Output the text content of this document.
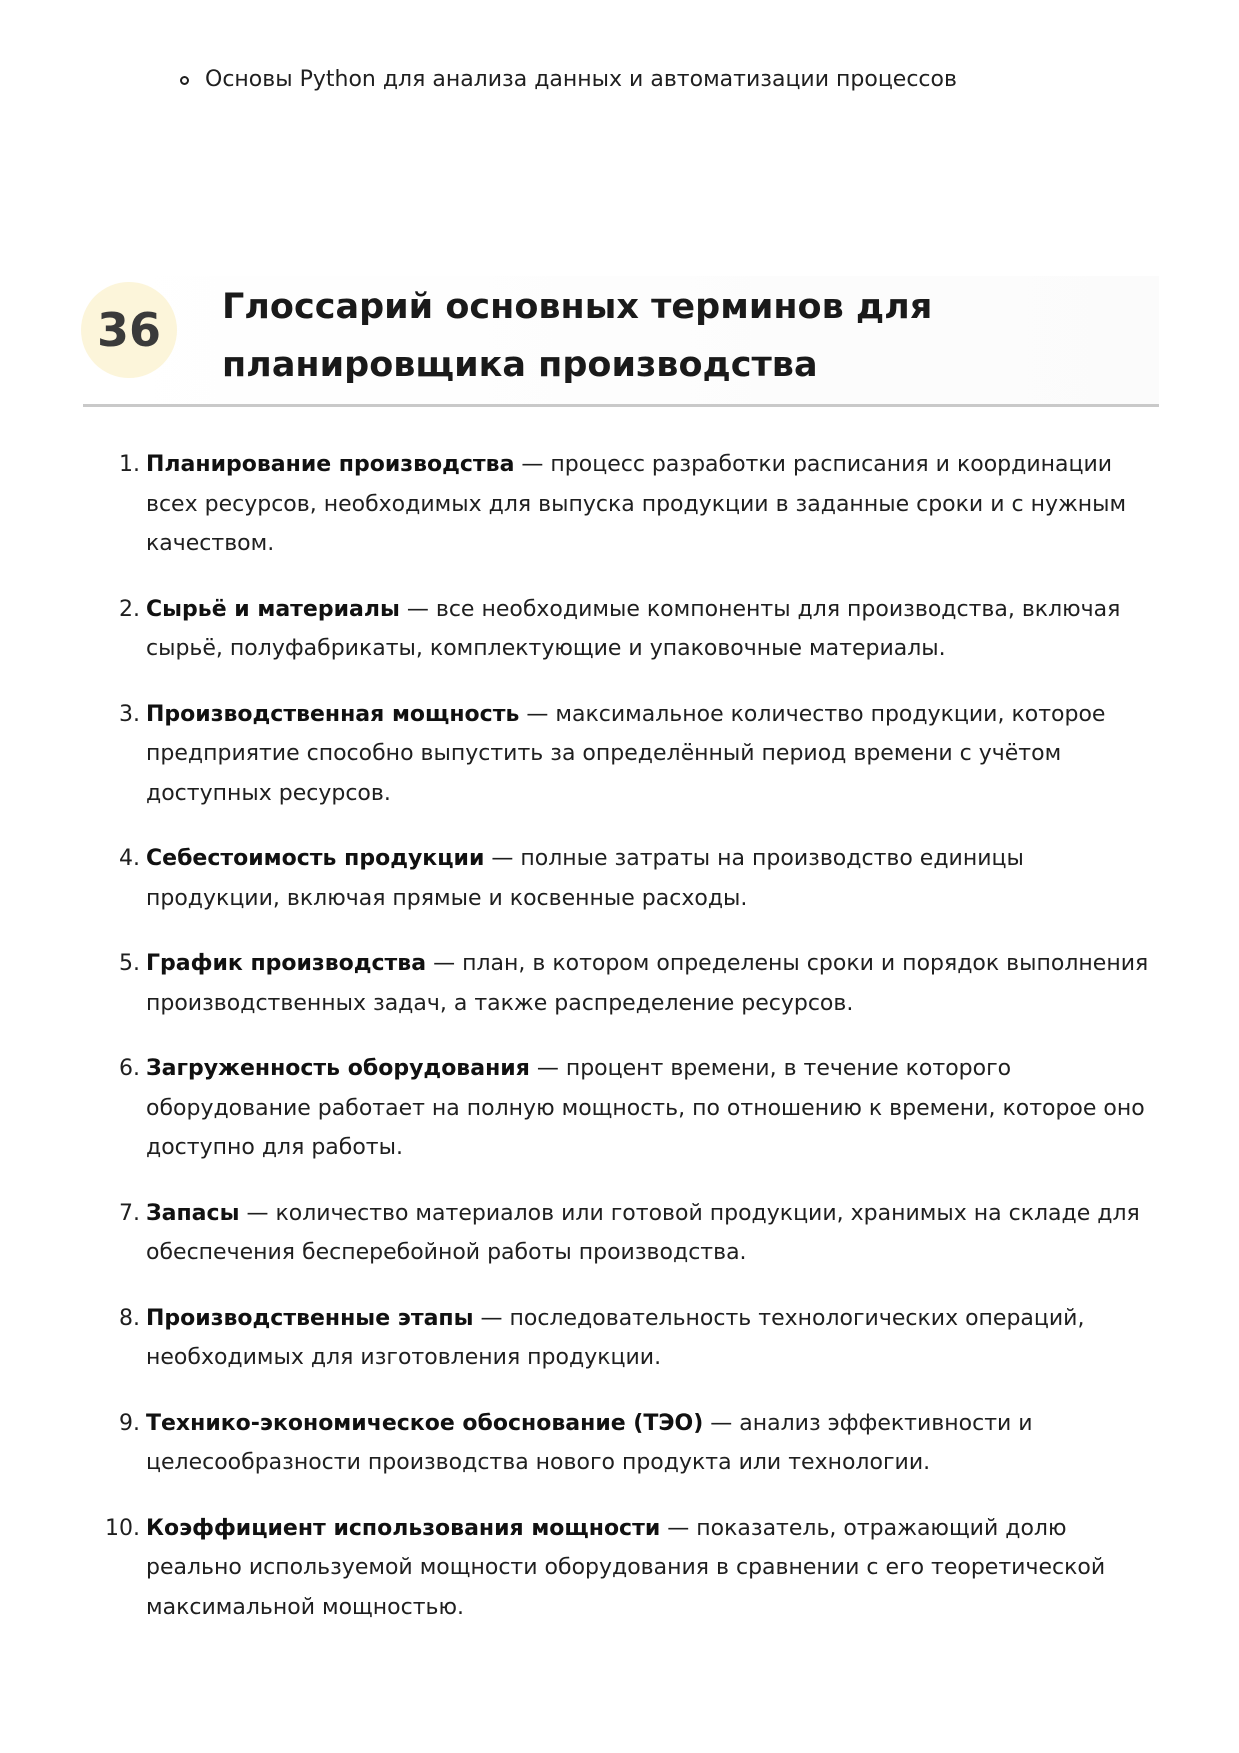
Основы Python для анализа данных и автоматизации процессов
36	Глоссарий основных терминов для планировщика производства
1. Планирование производства — процесс разработки расписания и координации всех ресурсов, необходимых для выпуска продукции в заданные сроки и с нужным качеством.
2. Сырьё и материалы — все необходимые компоненты для производства, включая сырьё, полуфабрикаты, комплектующие и упаковочные материалы.
3. Производственная мощность — максимальное количество продукции, которое предприятие способно выпустить за определённый период времени с учётом доступных ресурсов.
4. Себестоимость продукции — полные затраты на производство единицы продукции, включая прямые и косвенные расходы.
5. График производства — план, в котором определены сроки и порядок выполнения производственных задач, а также распределение ресурсов.
6. Загруженность оборудования — процент времени, в течение которого оборудование работает на полную мощность, по отношению к времени, которое оно доступно для работы.
7. Запасы — количество материалов или готовой продукции, хранимых на складе для обеспечения бесперебойной работы производства.
8. Производственные этапы — последовательность технологических операций, необходимых для изготовления продукции.
9. Технико-экономическое обоснование (ТЭО) — анализ эффективности и целесообразности производства нового продукта или технологии.
10. Коэффициент использования мощности — показатель, отражающий долю реально используемой мощности оборудования в сравнении с его теоретической максимальной мощностью.
